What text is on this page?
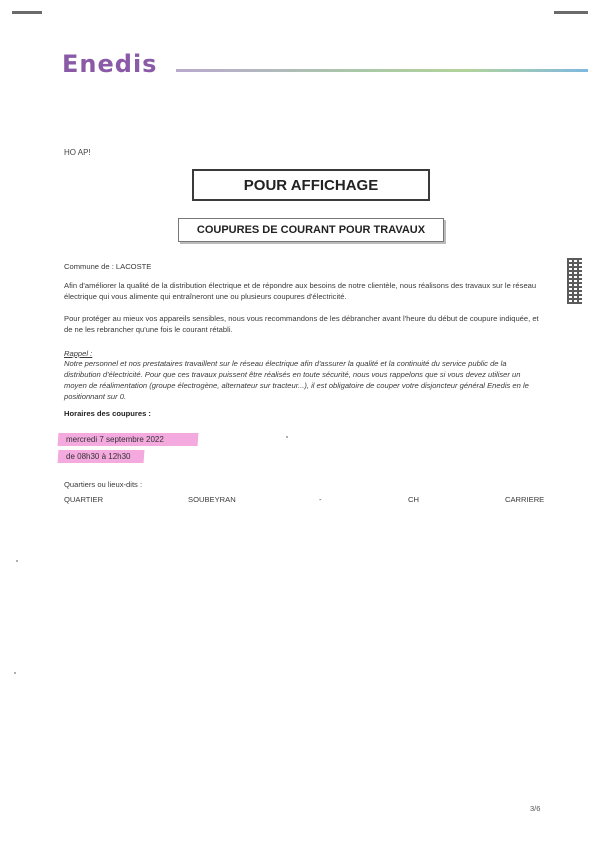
Enedis
HO AP!
POUR AFFICHAGE
COUPURES DE COURANT POUR TRAVAUX
Commune de : LACOSTE
Afin d'améliorer la qualité de la distribution électrique et de répondre aux besoins de notre clientèle, nous réalisons des travaux sur le réseau électrique qui vous alimente qui entraîneront une ou plusieurs coupures d'électricité.
Pour protéger au mieux vos appareils sensibles, nous vous recommandons de les débrancher avant l'heure du début de coupure indiquée, et de ne les rebrancher qu'une fois le courant rétabli.
Rappel :
Notre personnel et nos prestataires travaillent sur le réseau électrique afin d'assurer la qualité et la continuité du service public de la distribution d'électricité. Pour que ces travaux puissent être réalisés en toute sécurité, nous vous rappelons que si vous devez utiliser un moyen de réalimentation (groupe électrogène, alternateur sur tracteur...), il est obligatoire de couper votre disjoncteur général Enedis en le positionnant sur 0.
Horaires des coupures :
mercredi 7 septembre 2022
de 08h30 à 12h30
Quartiers ou lieux-dits :
QUARTIER	SOUBEYRAN	-	CH	CARRIERE
3/6
